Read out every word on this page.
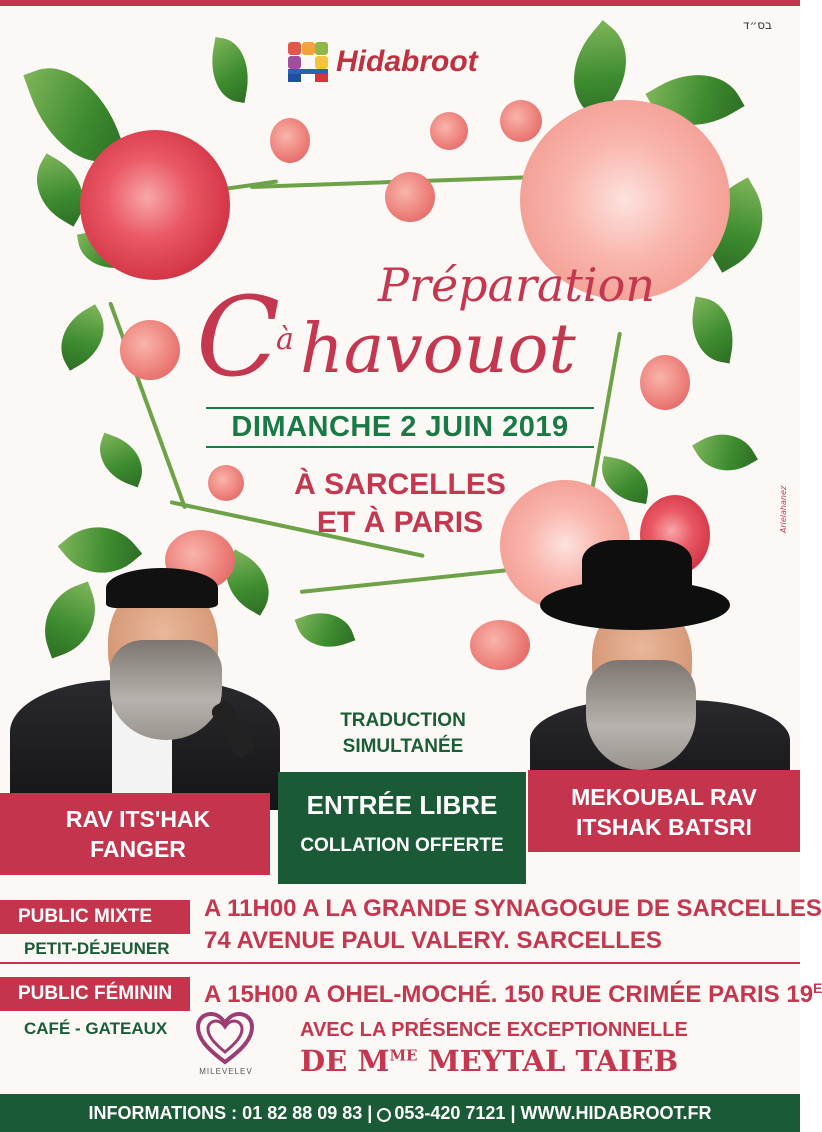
Hidabroot
בס״ד
Arielahanez
Préparation
C
à havouot
DIMANCHE 2 JUIN 2019
À SARCELLES
ET À PARIS
TRADUCTION
SIMULTANÉE
RAV ITS'HAK
FANGER
MEKOUBAL RAV
ITSHAK BATSRI
ENTRÉE LIBRE
COLLATION OFFERTE
PUBLIC MIXTE
PETIT-DÉJEUNER
A 11H00 A LA GRANDE SYNAGOGUE DE SARCELLES
74 AVENUE PAUL VALERY. SARCELLES
PUBLIC FÉMININ
CAFÉ - GATEAUX
A 15H00 A OHEL-MOCHÉ. 150 RUE CRIMÉE PARIS $19^E$
MILEVELEV
AVEC LA PRÉSENCE EXCEPTIONNELLE
DE $M^{ME}$ MEYTAL TAIEB
INFORMATIONS : 01 82 88 09 83 | 053-420 7121 | WWW.HIDABROOT.FR
